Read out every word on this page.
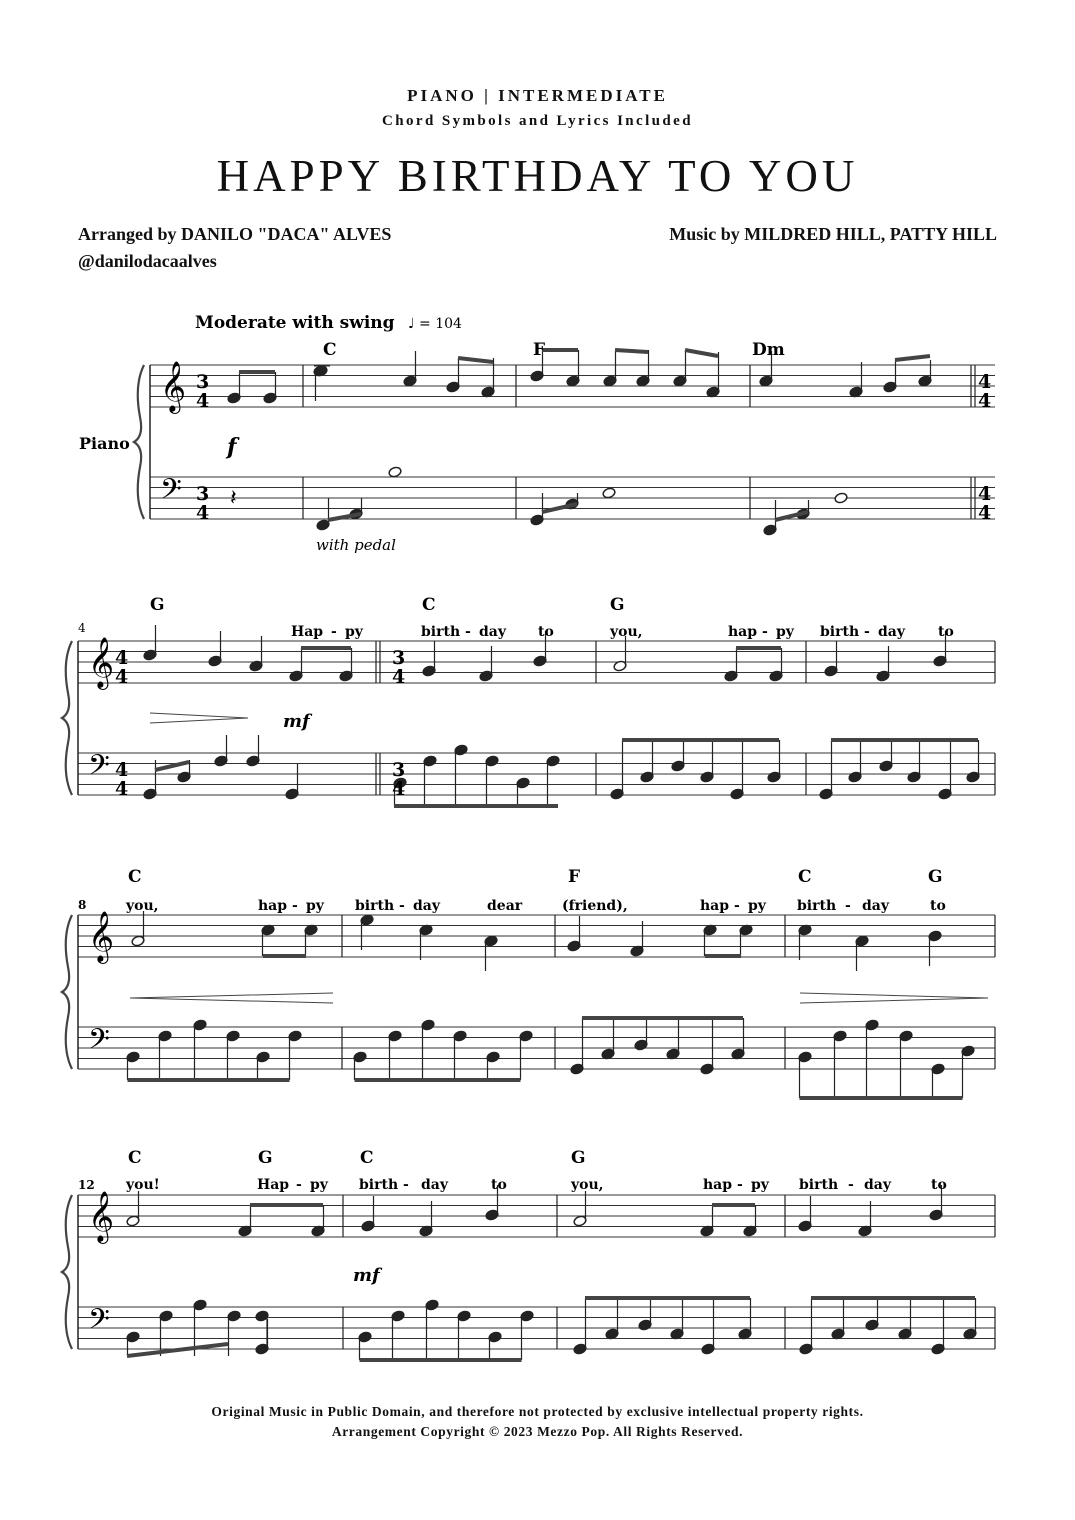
PIANO | INTERMEDIATE
Chord Symbols and Lyrics Included
HAPPY BIRTHDAY TO YOU
Arranged by DANILO "DACA" ALVES
@danilodacaalves
Music by MILDRED HILL, PATTY HILL
𝄞
𝄢
𝄞
𝄢
𝄞
𝄢
𝄞
𝄢
𝄽
Moderate with swing ♩ = 104
Piano	f
with pedal
mf
mf
3
4
3
4
4
4
4
4
4
4
4
4
3
4
3
4
C	F	Dm
G	C	G
Hap - py	birth - day to	you,	hap - py birth - day to
4
C	F	C	G
you,	hap - py birth - day	dear	(friend),	hap - py birth - day	to
8
C	G	C	G
you!	Hap - py birth - day	to	you,	hap - py birth - day	to
12
Original Music in Public Domain, and therefore not protected by exclusive intellectual property rights.
Arrangement Copyright © 2023 Mezzo Pop. All Rights Reserved.
